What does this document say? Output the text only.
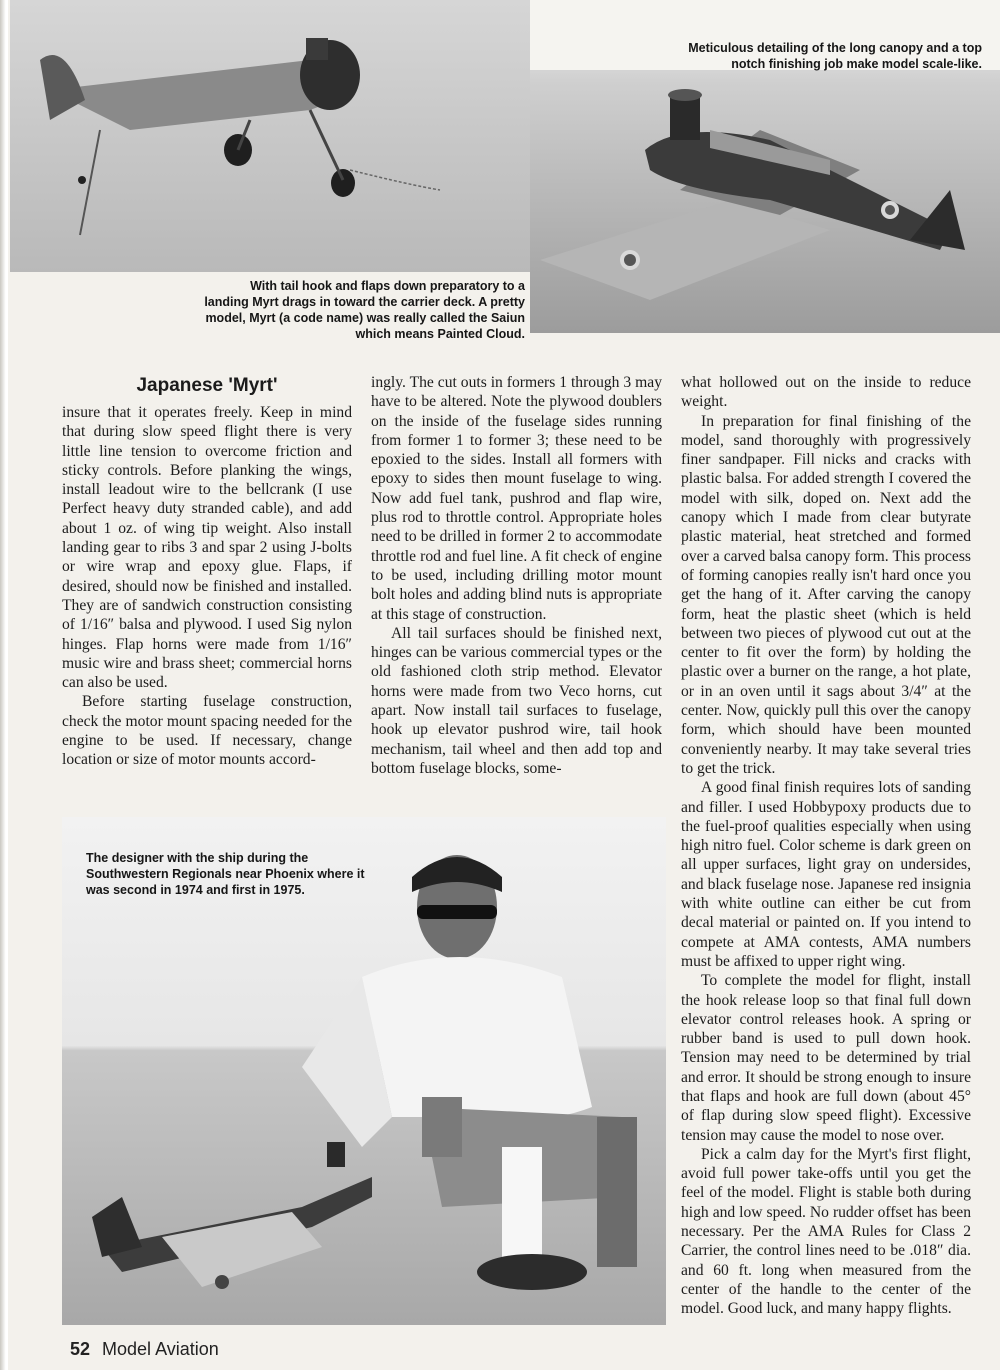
With tail hook and flaps down preparatory to a landing Myrt drags in toward the carrier deck. A pretty model, Myrt (a code name) was really called the Saiun which means Painted Cloud.

Meticulous detailing of the long canopy and a top notch finishing job make model scale-like.

Japanese 'Myrt'

insure that it operates freely. Keep in mind that during slow speed flight there is very little line tension to overcome friction and sticky controls. Before planking the wings, install leadout wire to the bellcrank (I use Perfect heavy duty stranded cable), and add about 1 oz. of wing tip weight. Also install landing gear to ribs 3 and spar 2 using J-bolts or wire wrap and epoxy glue. Flaps, if desired, should now be finished and installed. They are of sandwich construction consisting of 1/16″ balsa and plywood. I used Sig nylon hinges. Flap horns were made from 1/16″ music wire and brass sheet; commercial horns can also be used.

Before starting fuselage construction, check the motor mount spacing needed for the engine to be used. If necessary, change location or size of motor mounts accord-

ingly. The cut outs in formers 1 through 3 may have to be altered. Note the plywood doublers on the inside of the fuselage sides running from former 1 to former 3; these need to be epoxied to the sides. Install all formers with epoxy to sides then mount fuselage to wing. Now add fuel tank, pushrod and flap wire, plus rod to throttle control. Appropriate holes need to be drilled in former 2 to accommodate throttle rod and fuel line. A fit check of engine to be used, including drilling motor mount bolt holes and adding blind nuts is appropriate at this stage of construction.

All tail surfaces should be finished next, hinges can be various commercial types or the old fashioned cloth strip method. Elevator horns were made from two Veco horns, cut apart. Now install tail surfaces to fuselage, hook up elevator pushrod wire, tail hook mechanism, tail wheel and then add top and bottom fuselage blocks, some-

what hollowed out on the inside to reduce weight.

In preparation for final finishing of the model, sand thoroughly with progressively finer sandpaper. Fill nicks and cracks with plastic balsa. For added strength I covered the model with silk, doped on. Next add the canopy which I made from clear butyrate plastic material, heat stretched and formed over a carved balsa canopy form. This process of forming canopies really isn't hard once you get the hang of it. After carving the canopy form, heat the plastic sheet (which is held between two pieces of plywood cut out at the center to fit over the form) by holding the plastic over a burner on the range, a hot plate, or in an oven until it sags about 3/4″ at the center. Now, quickly pull this over the canopy form, which should have been mounted conveniently nearby. It may take several tries to get the trick.

A good final finish requires lots of sanding and filler. I used Hobbypoxy products due to the fuel-proof qualities especially when using high nitro fuel. Color scheme is dark green on all upper surfaces, light gray on undersides, and black fuselage nose. Japanese red insignia with white outline can either be cut from decal material or painted on. If you intend to compete at AMA contests, AMA numbers must be affixed to upper right wing.

To complete the model for flight, install the hook release loop so that final full down elevator control releases hook. A spring or rubber band is used to pull down hook. Tension may need to be determined by trial and error. It should be strong enough to insure that flaps and hook are full down (about 45° of flap during slow speed flight). Excessive tension may cause the model to nose over.

Pick a calm day for the Myrt's first flight, avoid full power take-offs until you get the feel of the model. Flight is stable both during high and low speed. No rudder offset has been necessary. Per the AMA Rules for Class 2 Carrier, the control lines need to be .018″ dia. and 60 ft. long when measured from the center of the handle to the center of the model. Good luck, and many happy flights.

The designer with the ship during the Southwestern Regionals near Phoenix where it was second in 1974 and first in 1975.

52 Model Aviation
